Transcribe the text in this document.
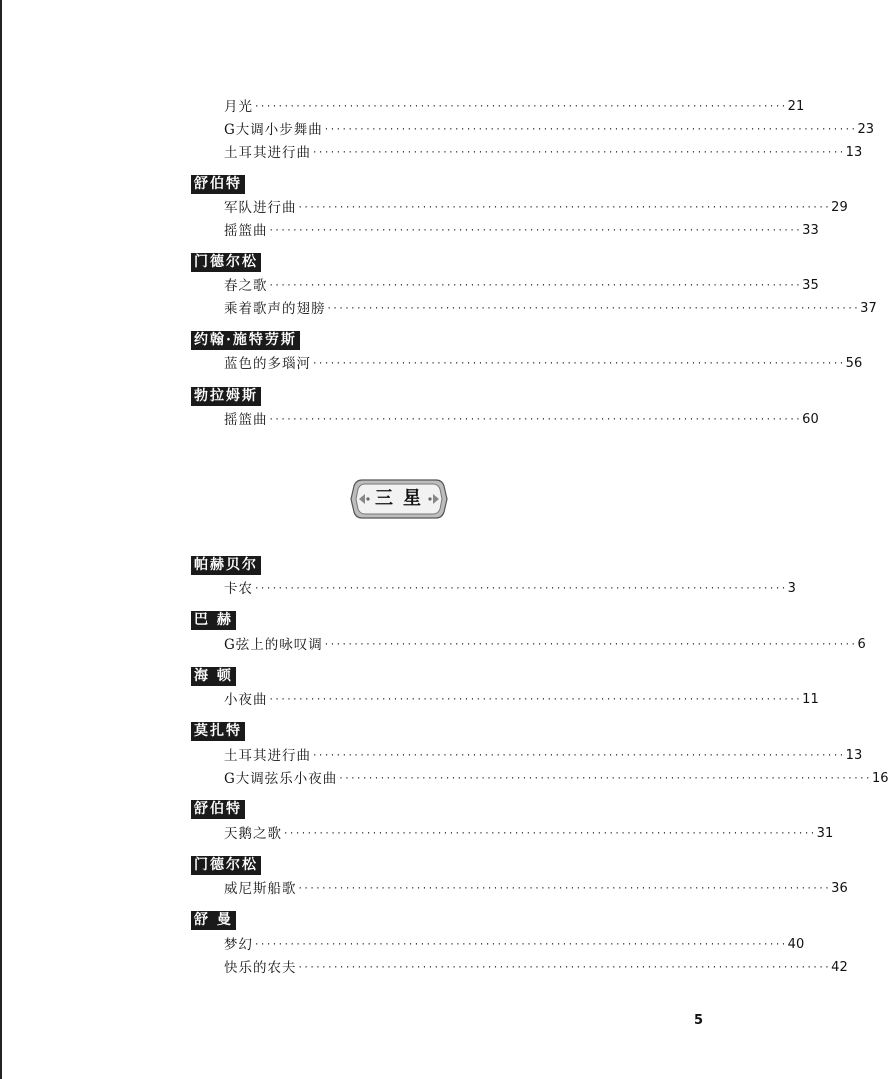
月光 ·························································································· 21
G大调小步舞曲 ·························································································· 23
土耳其进行曲 ·························································································· 13
舒伯特
军队进行曲 ·························································································· 29
摇篮曲 ·························································································· 33
门德尔松
春之歌 ·························································································· 35
乘着歌声的翅膀 ·························································································· 37
约翰·施特劳斯
蓝色的多瑙河 ·························································································· 56
勃拉姆斯
摇篮曲 ·························································································· 60
三星
帕赫贝尔
卡农 ·························································································· 3
巴 赫
G弦上的咏叹调 ·························································································· 6
海 顿
小夜曲 ·························································································· 11
莫扎特
土耳其进行曲 ·························································································· 13
G大调弦乐小夜曲 ·························································································· 16
舒伯特
天鹅之歌 ·························································································· 31
门德尔松
威尼斯船歌 ·························································································· 36
舒 曼
梦幻 ·························································································· 40
快乐的农夫 ·························································································· 42
5
